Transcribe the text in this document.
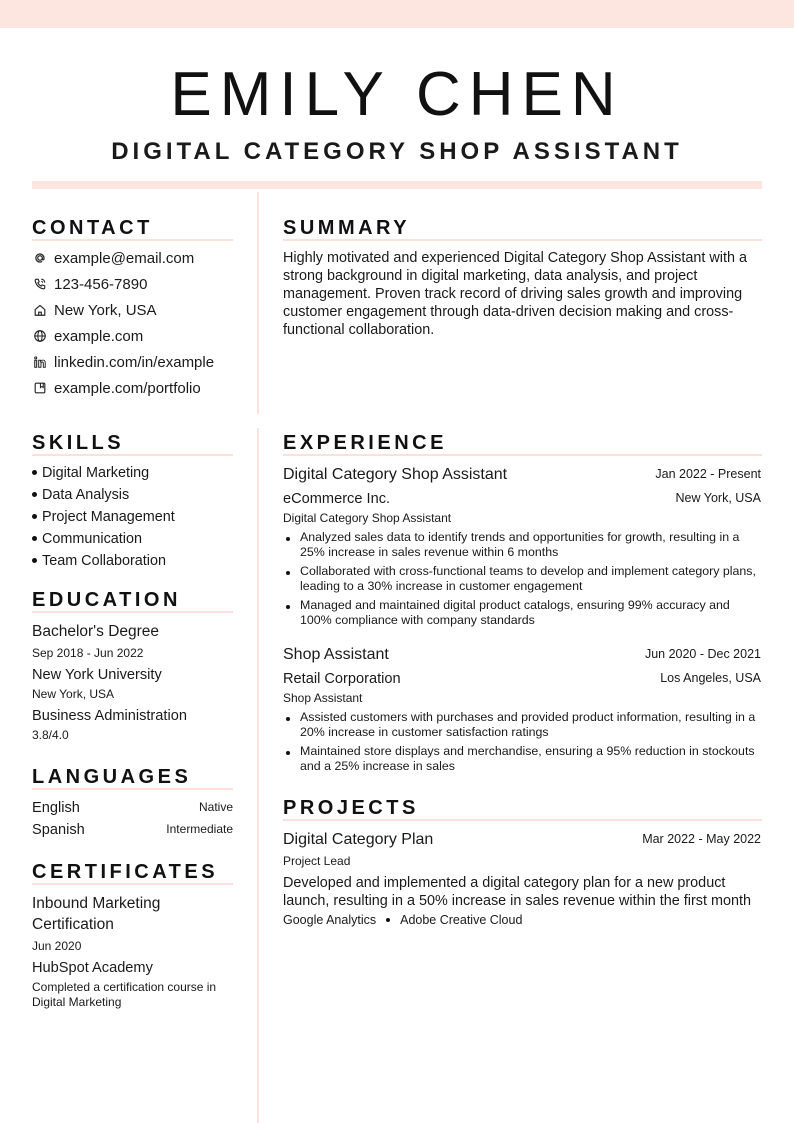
EMILY CHEN
DIGITAL CATEGORY SHOP ASSISTANT
CONTACT
example@email.com
123-456-7890
New York, USA
example.com
linkedin.com/in/example
example.com/portfolio
SUMMARY
Highly motivated and experienced Digital Category Shop Assistant with a strong background in digital marketing, data analysis, and project management. Proven track record of driving sales growth and improving customer engagement through data-driven decision making and cross-functional collaboration.
SKILLS
Digital Marketing
Data Analysis
Project Management
Communication
Team Collaboration
EDUCATION
Bachelor's Degree
Sep 2018 - Jun 2022
New York University
New York, USA
Business Administration
3.8/4.0
LANGUAGES
English	Native
Spanish	Intermediate
CERTIFICATES
Inbound Marketing
Certification
Jun 2020
HubSpot Academy
Completed a certification course in
Digital Marketing
EXPERIENCE
Digital Category Shop Assistant	Jan 2022 - Present
eCommerce Inc.	New York, USA
Digital Category Shop Assistant
Analyzed sales data to identify trends and opportunities for growth, resulting in a 25% increase in sales revenue within 6 months
Collaborated with cross-functional teams to develop and implement category plans, leading to a 30% increase in customer engagement
Managed and maintained digital product catalogs, ensuring 99% accuracy and 100% compliance with company standards
Shop Assistant	Jun 2020 - Dec 2021
Retail Corporation	Los Angeles, USA
Shop Assistant
Assisted customers with purchases and provided product information, resulting in a 20% increase in customer satisfaction ratings
Maintained store displays and merchandise, ensuring a 95% reduction in stockouts and a 25% increase in sales
PROJECTS
Digital Category Plan	Mar 2022 - May 2022
Project Lead
Developed and implemented a digital category plan for a new product launch, resulting in a 50% increase in sales revenue within the first month
Google Analytics Adobe Creative Cloud
